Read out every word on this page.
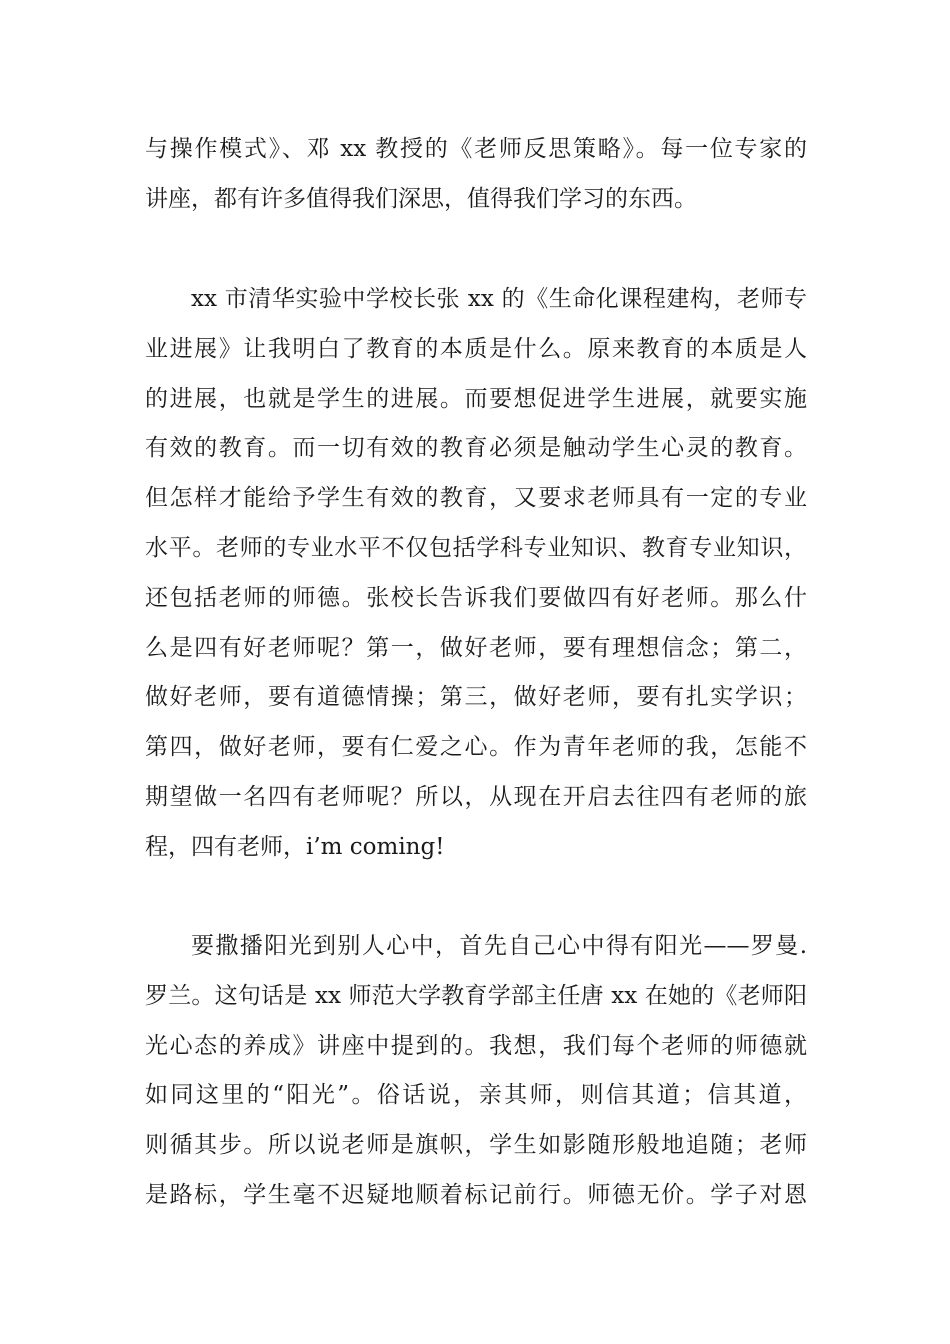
与操作模式》、邓 xx 教授的《老师反思策略》。每一位专家的
讲座，都有许多值得我们深思，值得我们学习的东西。
xx 市清华实验中学校长张 xx 的《生命化课程建构，老师专
业进展》让我明白了教育的本质是什么。原来教育的本质是人
的进展，也就是学生的进展。而要想促进学生进展，就要实施
有效的教育。而一切有效的教育必须是触动学生心灵的教育。
但怎样才能给予学生有效的教育，又要求老师具有一定的专业
水平。老师的专业水平不仅包括学科专业知识、教育专业知识，
还包括老师的师德。张校长告诉我们要做四有好老师。那么什
么是四有好老师呢？第一，做好老师，要有理想信念；第二，
做好老师，要有道德情操；第三，做好老师，要有扎实学识；
第四，做好老师，要有仁爱之心。作为青年老师的我，怎能不
期望做一名四有老师呢？所以，从现在开启去往四有老师的旅
程，四有老师，i’m coming!
要撒播阳光到别人心中，首先自己心中得有阳光——罗曼.
罗兰。这句话是 xx 师范大学教育学部主任唐 xx 在她的《老师阳
光心态的养成》讲座中提到的。我想，我们每个老师的师德就
如同这里的“阳光”。俗话说，亲其师，则信其道；信其道，
则循其步。所以说老师是旗帜，学生如影随形般地追随；老师
是路标，学生毫不迟疑地顺着标记前行。师德无价。学子对恩
